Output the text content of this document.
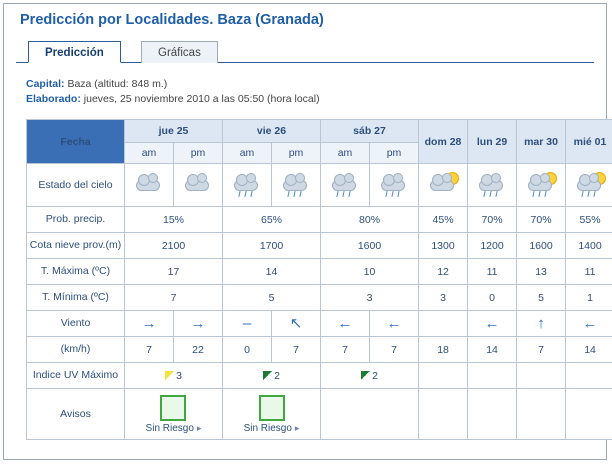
Predicción por Localidades. Baza (Granada)
Predicción	Gráficas
Capital: Baza (altitud: 848 m.)
Elaborado: jueves, 25 noviembre 2010 a las 05:50 (hora local)
Fecha	jue 25		vie 26		sáb 27		dom 28	lun 29	mar 30	mié 01
	am	pm	am	pm	am	pm				
Estado del cielo	

Prob. precip.	15%		65%		80%		45%	70%	70%	55%
Cota nieve prov.(m)	2100		1700		1600		1300	1200	1600	1400
T. Máxima (ºC)	17		14		10		12	11	13	11
T. Mínima (ºC)	7		5		3		3	0	5	1
Viento	→	→	–	↖	←	←		←	↑	←
(km/h)	7	22	0	7	7	7	18	14	7	14
Indice UV Máximo	3		2		2					
Avisos	Sin Riesgo ▸		Sin Riesgo ▸							
